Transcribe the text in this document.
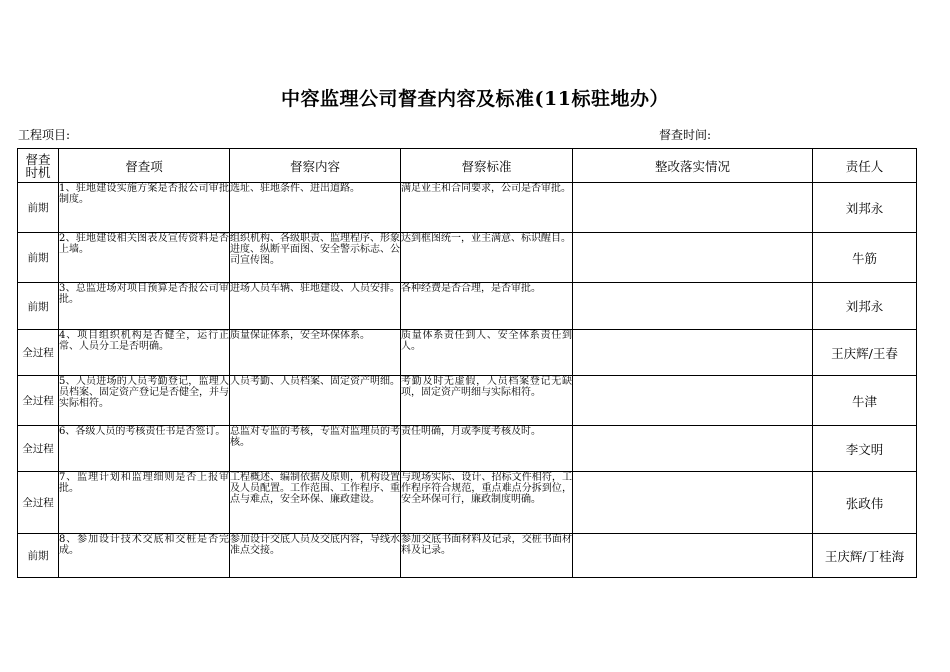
中容监理公司督查内容及标准(11标驻地办）
工程项目:	督查时间:
督查
时机	督查项	督察内容	督察标准	整改落实情况	责任人
前期	1、驻地建设实施方案是否报公司审批制度。	选址、驻地条件、进出道路。	满足业主和合同要求，公司是否审批。		刘邦永
前期	2、驻地建设相关图表及宣传资料是否上墙。	组织机构、各级职责、监理程序、形象进度、纵断平面图、安全警示标志、公司宣传图。	达到框图统一，业主满意、标识醒目。		牛筋
前期	3、总监进场对项目预算是否报公司审批。	进场人员车辆、驻地建设、人员安排。	各种经费是否合理，是否审批。		刘邦永
全过程	4、项目组织机构是否健全，运行正常、人员分工是否明确。	质量保证体系，安全环保体系。	质量体系责任到人、安全体系责任到人。		王庆辉/王春
全过程	5、人员进场的人员考勤登记，监理人员档案、固定资产登记是否健全，并与实际相符。	人员考勤、人员档案、固定资产明细。	考勤及时无虚假，人员档案登记无缺项，固定资产明细与实际相符。		牛津
全过程	6、各级人员的考核责任书是否签订。	总监对专监的考核，专监对监理员的考核。	责任明确，月或季度考核及时。		李文明
全过程	7、监理计划和监理细则是否上报审批。	工程概述、编制依据及原则，机构设置及人员配置。工作范围、工作程序、重点与难点，安全环保、廉政建设。	与现场实际、设计、招标文件相符，工作程序符合规范，重点难点分拆到位，安全环保可行，廉政制度明确。		张政伟
前期	8、参加设计技术交底和交桩是否完成。	参加设计交底人员及交底内容，导线水准点交接。	参加交底书面材料及记录，交桩书面材料及记录。		王庆辉/丁桂海
